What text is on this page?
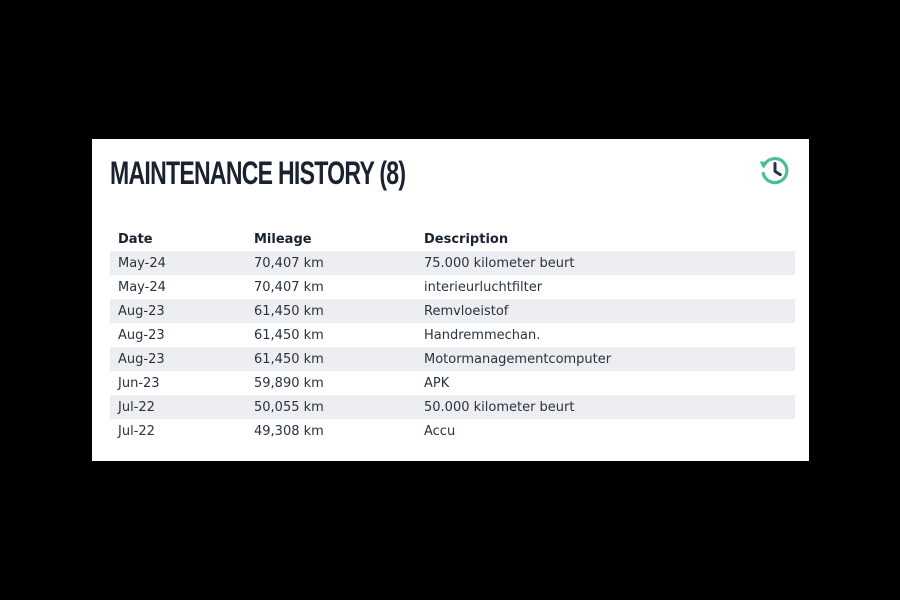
MAINTENANCE HISTORY (8)
Date	Mileage	Description
May-24	70,407 km	75.000 kilometer beurt
May-24	70,407 km	interieurluchtfilter
Aug-23	61,450 km	Remvloeistof
Aug-23	61,450 km	Handremmechan.
Aug-23	61,450 km	Motormanagementcomputer
Jun-23	59,890 km	APK
Jul-22	50,055 km	50.000 kilometer beurt
Jul-22	49,308 km	Accu
